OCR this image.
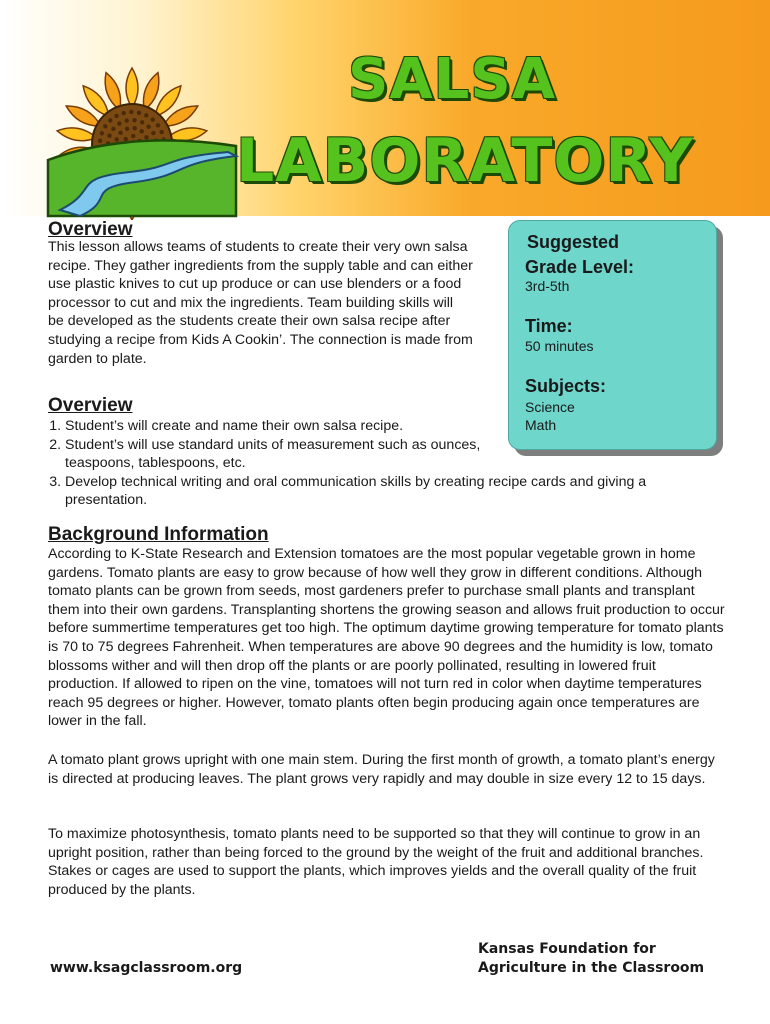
SALSA
LABORATORY
Overview
This lesson allows teams of students to create their very own salsa
recipe. They gather ingredients from the supply table and can either
use plastic knives to cut up produce or can use blenders or a food
processor to cut and mix the ingredients. Team building skills will
be developed as the students create their own salsa recipe after
studying a recipe from Kids A Cookin’. The connection is made from
garden to plate.

Suggested

Grade Level:

3rd-5th

Time:

50 minutes

Subjects:

Science

Math

Overview
1. Student’s will create and name their own salsa recipe.
2. Student’s will use standard units of measurement such as ounces, teaspoons, tablespoons, etc.
3. Develop technical writing and oral communication skills by creating recipe cards and giving a presentation.
Background Information

According to K-State Research and Extension tomatoes are the most popular vegetable grown in home gardens. Tomato plants are easy to grow because of how well they grow in different conditions. Although tomato plants can be grown from seeds, most gardeners prefer to purchase small plants and transplant them into their own gardens. Transplanting shortens the growing season and allows fruit production to occur before summertime temperatures get too high. The optimum daytime growing temperature for tomato plants is 70 to 75 degrees Fahrenheit. When temperatures are above 90 degrees and the humidity is low, tomato blossoms wither and will then drop off the plants or are poorly pollinated, resulting in lowered fruit production. If allowed to ripen on the vine, tomatoes will not turn red in color when daytime temperatures reach 95 degrees or higher. However, tomato plants often begin producing again once temperatures are lower in the fall.

A tomato plant grows upright with one main stem. During the first month of growth, a tomato plant’s energy is directed at producing leaves. The plant grows very rapidly and may double in size every 12 to 15 days.

To maximize photosynthesis, tomato plants need to be supported so that they will continue to grow in an upright position, rather than being forced to the ground by the weight of the fruit and additional branches. Stakes or cages are used to support the plants, which improves yields and the overall quality of the fruit produced by the plants.

www.ksagclassroom.org

Kansas Foundation for
Agriculture in the Classroom
